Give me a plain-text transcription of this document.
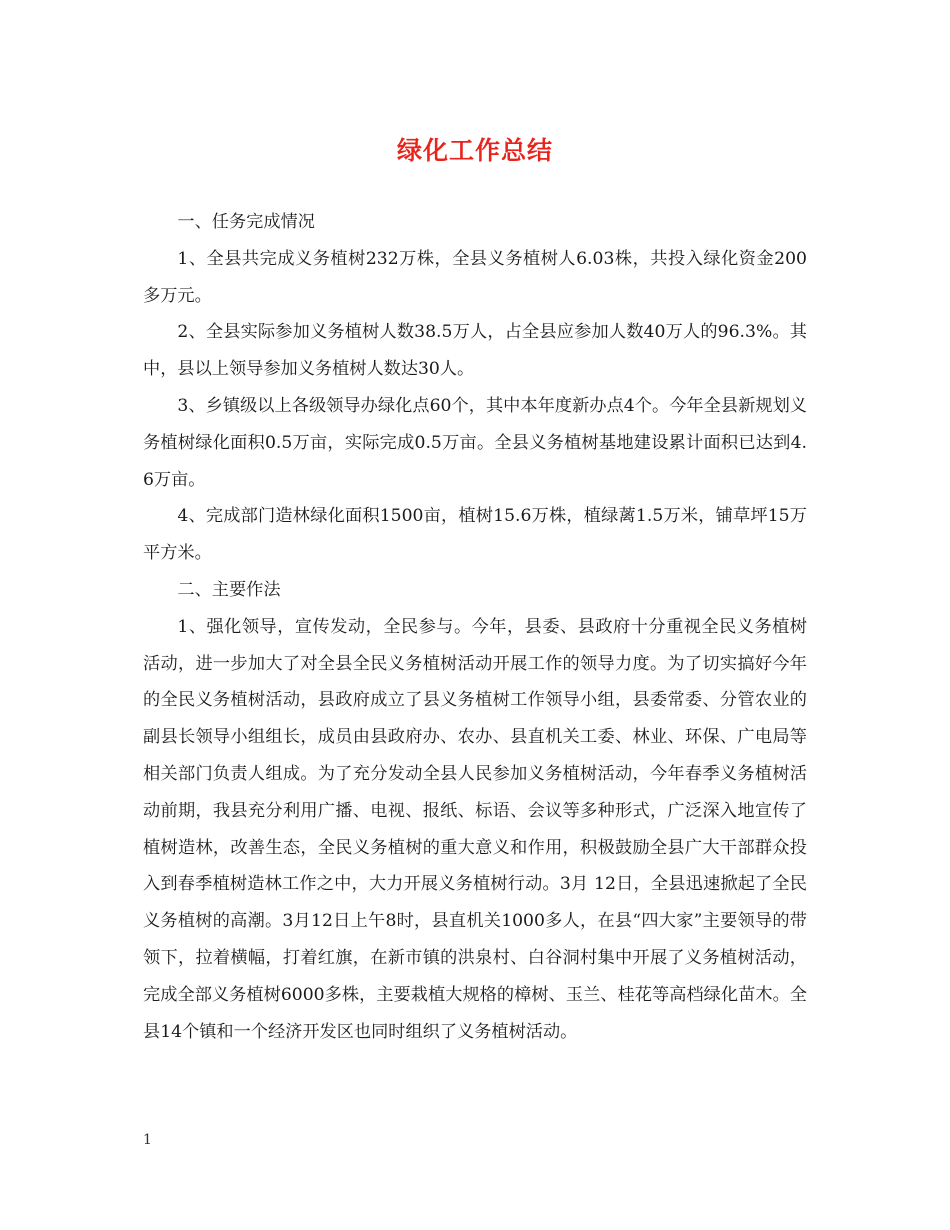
绿化工作总结

一、任务完成情况

1、全县共完成义务植树232万株，全县义务植树人6.03株，共投入绿化资金200多万元。

2、全县实际参加义务植树人数38.5万人，占全县应参加人数40万人的96.3%。其中，县以上领导参加义务植树人数达30人。

3、乡镇级以上各级领导办绿化点60个，其中本年度新办点4个。今年全县新规划义务植树绿化面积0.5万亩，实际完成0.5万亩。全县义务植树基地建设累计面积已达到4.6万亩。

4、完成部门造林绿化面积1500亩，植树15.6万株，植绿蓠1.5万米，铺草坪15万平方米。

二、主要作法

1、强化领导，宣传发动，全民参与。今年，县委、县政府十分重视全民义务植树活动，进一步加大了对全县全民义务植树活动开展工作的领导力度。为了切实搞好今年的全民义务植树活动，县政府成立了县义务植树工作领导小组，县委常委、分管农业的副县长领导小组组长，成员由县政府办、农办、县直机关工委、林业、环保、广电局等相关部门负责人组成。为了充分发动全县人民参加义务植树活动，今年春季义务植树活动前期，我县充分利用广播、电视、报纸、标语、会议等多种形式，广泛深入地宣传了植树造林，改善生态，全民义务植树的重大意义和作用，积极鼓励全县广大干部群众投入到春季植树造林工作之中，大力开展义务植树行动。3月 12日，全县迅速掀起了全民义务植树的高潮。3月12日上午8时，县直机关1000多人，在县“四大家”主要领导的带领下，拉着横幅，打着红旗，在新市镇的洪泉村、白谷洞村集中开展了义务植树活动，完成全部义务植树6000多株，主要栽植大规格的樟树、玉兰、桂花等高档绿化苗木。全县14个镇和一个经济开发区也同时组织了义务植树活动。

1
